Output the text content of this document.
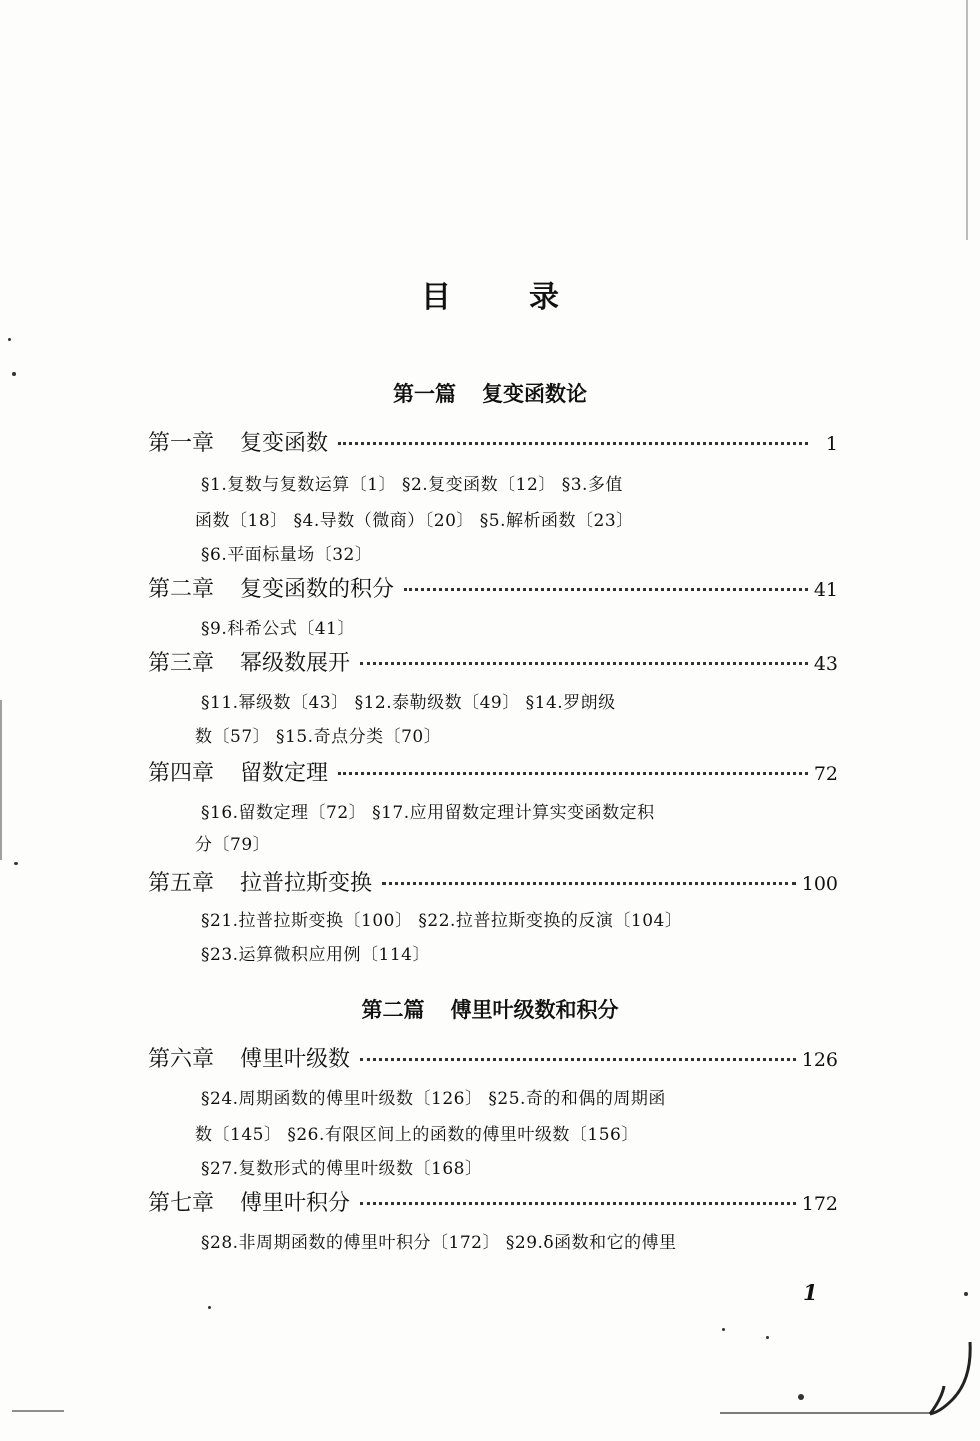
目	录
第一篇 复变函数论
第一章 复变函数	1
§1.复数与复数运算〔1〕 §2.复变函数〔12〕 §3.多值
函数〔18〕 §4.导数（微商）〔20〕 §5.解析函数〔23〕
§6.平面标量场〔32〕
第二章 复变函数的积分	41
§9.科希公式〔41〕
第三章 幂级数展开	43
§11.幂级数〔43〕 §12.泰勒级数〔49〕 §14.罗朗级
数〔57〕 §15.奇点分类〔70〕
第四章 留数定理	72
§16.留数定理〔72〕 §17.应用留数定理计算实变函数定积
分〔79〕
第五章 拉普拉斯变换	100
§21.拉普拉斯变换〔100〕 §22.拉普拉斯变换的反演〔104〕
§23.运算微积应用例〔114〕
第二篇 傅里叶级数和积分
第六章 傅里叶级数	126
§24.周期函数的傅里叶级数〔126〕 §25.奇的和偶的周期函
数〔145〕 §26.有限区间上的函数的傅里叶级数〔156〕
§27.复数形式的傅里叶级数〔168〕
第七章 傅里叶积分	172
§28.非周期函数的傅里叶积分〔172〕 §29.δ函数和它的傅里
1
